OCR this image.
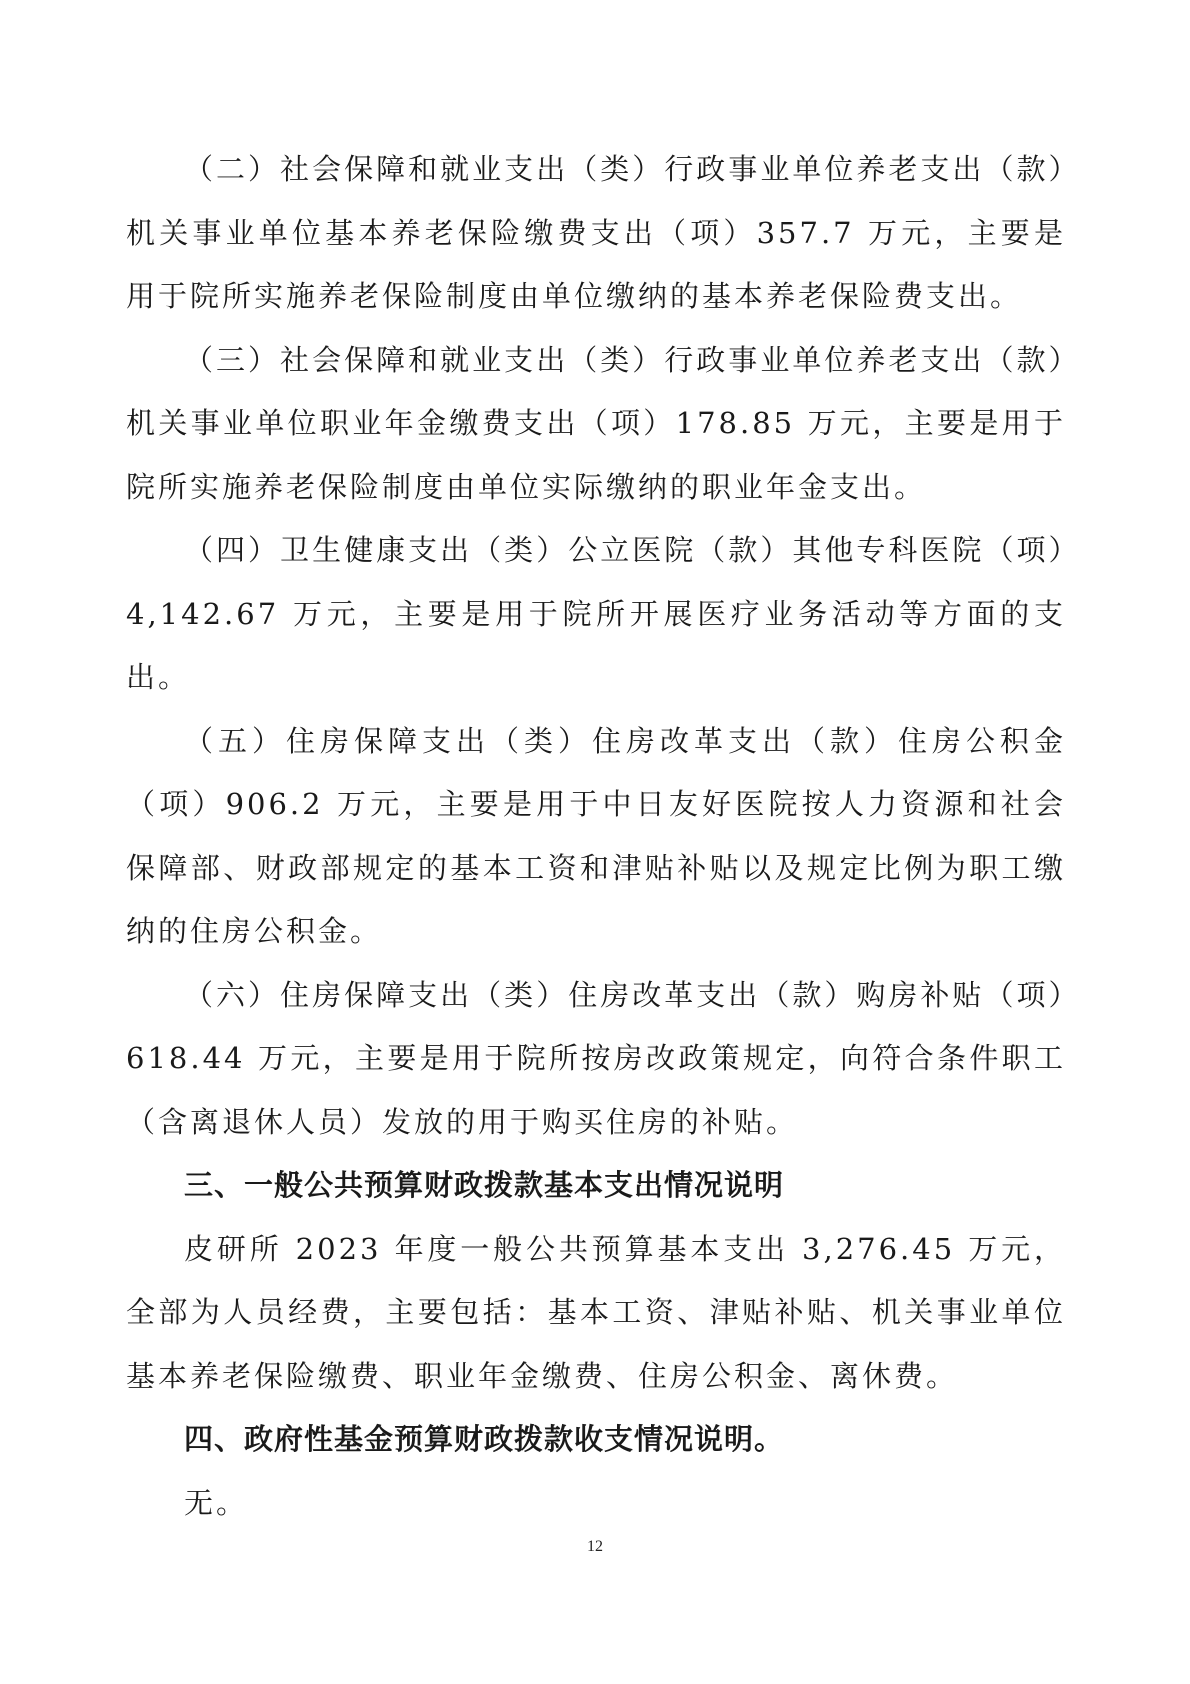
（二）社会保障和就业支出（类）行政事业单位养老支出（款）机关事业单位基本养老保险缴费支出（项）357.7 万元，主要是用于院所实施养老保险制度由单位缴纳的基本养老保险费支出。

（三）社会保障和就业支出（类）行政事业单位养老支出（款）机关事业单位职业年金缴费支出（项）178.85 万元，主要是用于院所实施养老保险制度由单位实际缴纳的职业年金支出。

（四）卫生健康支出（类）公立医院（款）其他专科医院（项）4,142.67 万元，主要是用于院所开展医疗业务活动等方面的支出。

（五）住房保障支出（类）住房改革支出（款）住房公积金（项）906.2 万元，主要是用于中日友好医院按人力资源和社会保障部、财政部规定的基本工资和津贴补贴以及规定比例为职工缴纳的住房公积金。

（六）住房保障支出（类）住房改革支出（款）购房补贴（项）618.44 万元，主要是用于院所按房改政策规定，向符合条件职工（含离退休人员）发放的用于购买住房的补贴。

三、一般公共预算财政拨款基本支出情况说明

皮研所 2023 年度一般公共预算基本支出 3,276.45 万元，全部为人员经费，主要包括：基本工资、津贴补贴、机关事业单位基本养老保险缴费、职业年金缴费、住房公积金、离休费。

四、政府性基金预算财政拨款收支情况说明。

无。

12
